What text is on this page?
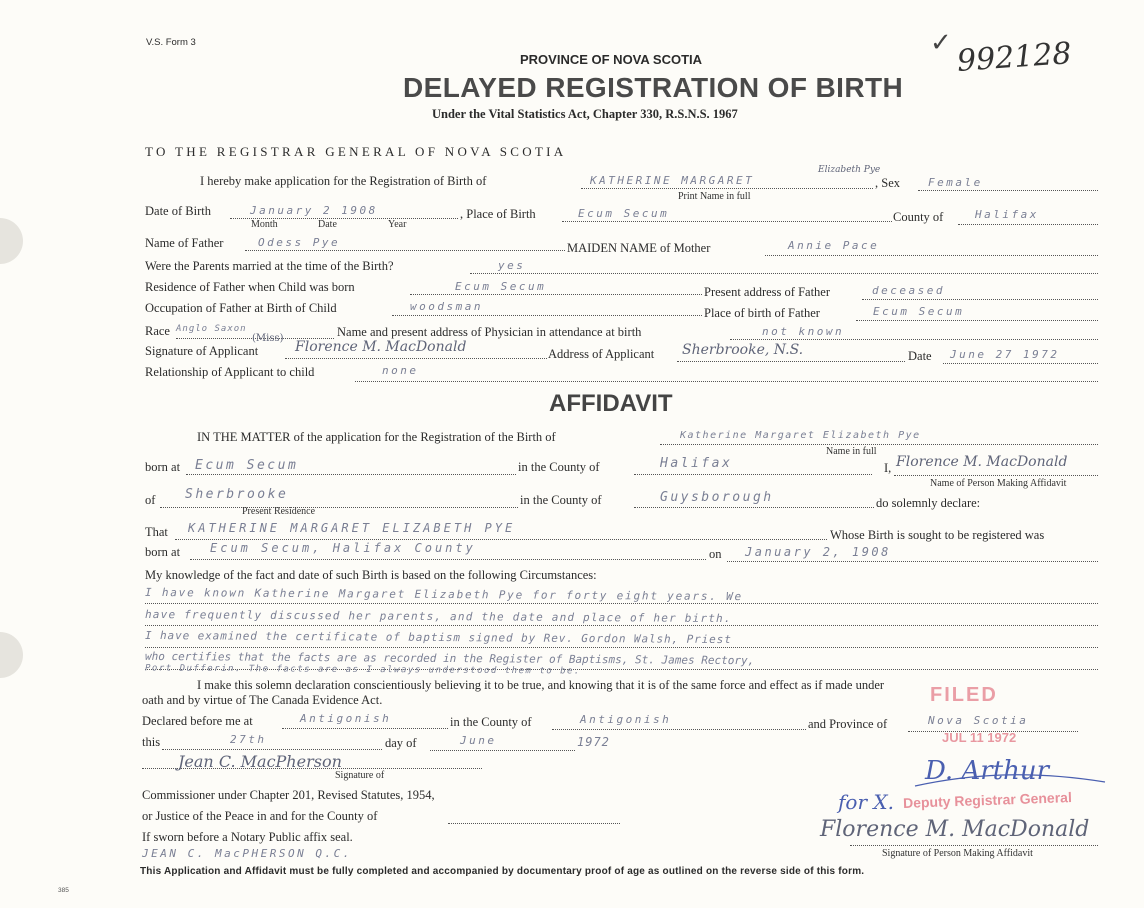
V.S. Form 3	✓ 992128
PROVINCE OF NOVA SCOTIA
DELAYED REGISTRATION OF BIRTH
Under the Vital Statistics Act, Chapter 330, R.S.N.S. 1967
TO THE REGISTRAR GENERAL OF NOVA SCOTIA
I hereby make application for the Registration of Birth of	KATHERINE MARGARET
Elizabeth Pye
, Sex	Female
Print Name in full
Date of Birth	January 2 1908
Month	Date	Year
, Place of Birth	Ecum Secum	County of	Halifax
Name of Father	Odess Pye	MAIDEN NAME of Mother	Annie Pace
Were the Parents married at the time of the Birth?	yes
Residence of Father when Child was born	Ecum Secum	Present address of Father	deceased
Occupation of Father at Birth of Child	woodsman	Place of birth of Father	Ecum Secum
Race Anglo Saxon	Name and present address of Physician in attendance at birth	not known
Signature of Applicant
(Miss)
Florence M. MacDonald	Address of Applicant Sherbrooke, N.S.	Date June 27 1972
Relationship of Applicant to child	none
AFFIDAVIT
IN THE MATTER of the application for the Registration of the Birth of	Katherine Margaret Elizabeth Pye
Name in full
born at Ecum Secum	in the County of	Halifax	I, Florence M. MacDonald
Name of Person Making Affidavit
of Sherbrooke
Present Residence
in the County of	Guysborough	do solemnly declare:
That KATHERINE MARGARET ELIZABETH PYE	Whose Birth is sought to be registered was
born at Ecum Secum, Halifax County	on January 2, 1908
My knowledge of the fact and date of such Birth is based on the following Circumstances:
I have known Katherine Margaret Elizabeth Pye for forty eight years. We
have frequently discussed her parents, and the date and place of her birth.
I have examined the certificate of baptism signed by Rev. Gordon Walsh, Priest
who certifies that the facts are as recorded in the Register of Baptisms, St. James Rectory,
Port Dufferin. The facts are as I always understood them to be.
I make this solemn declaration conscientiously believing it to be true, and knowing that it is of the same force and effect as if made under
oath and by virtue of The Canada Evidence Act.
Declared before me at	Antigonish	in the County of	Antigonish	and Province of	Nova Scotia
this	27th	day of	June	1972
Jean C. MacPherson
Signature of
Commissioner under Chapter 201, Revised Statutes, 1954,
or Justice of the Peace in and for the County of
If sworn before a Notary Public affix seal.
JEAN C. MacPHERSON Q.C.
FILED
JUL 11 1972
D. Arthur
for X. Deputy Registrar General
Florence M. MacDonald
Signature of Person Making Affidavit
This Application and Affidavit must be fully completed and accompanied by documentary proof of age as outlined on the reverse side of this form.
385
